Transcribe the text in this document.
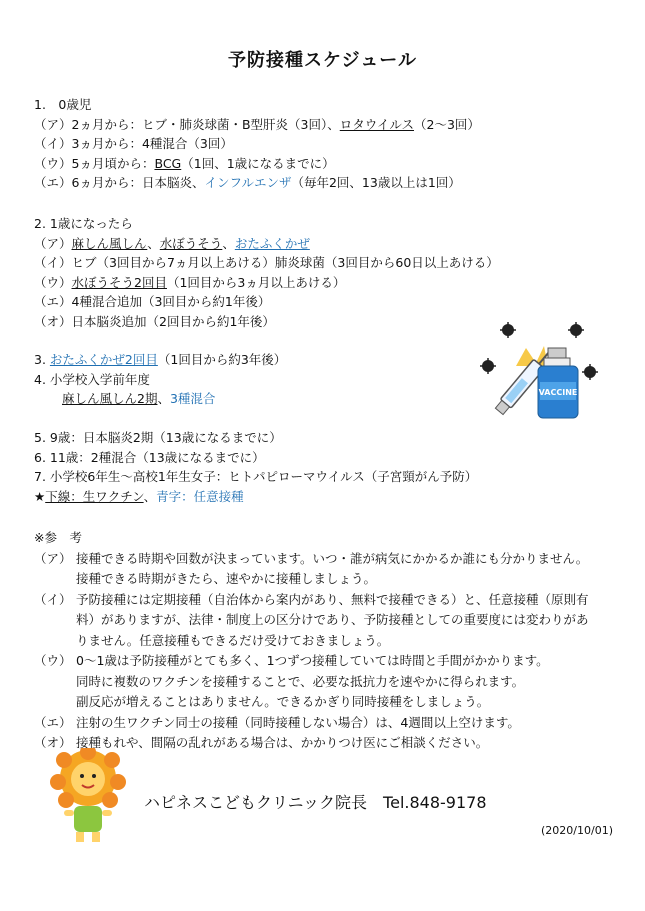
予防接種スケジュール
1.　0歳児
（ア）2ヵ月から：ヒブ・肺炎球菌・B型肝炎（3回）、ロタウイルス（2〜3回）
（イ）3ヵ月から：4種混合（3回）
（ウ）5ヵ月頃から：BCG（1回、1歳になるまでに）
（エ）6ヵ月から：日本脳炎、インフルエンザ（毎年2回、13歳以上は1回）
2. 1歳になったら
（ア）麻しん風しん、水ぼうそう、おたふくかぜ
（イ）ヒブ（3回目から7ヵ月以上あける）肺炎球菌（3回目から60日以上あける）
（ウ）水ぼうそう2回目（1回目から3ヵ月以上あける）
（エ）4種混合追加（3回目から約1年後）
（オ）日本脳炎追加（2回目から約1年後）
3. おたふくかぜ2回目（1回目から約3年後）
4. 小学校入学前年度
麻しん風しん2期、3種混合
5. 9歳：日本脳炎2期（13歳になるまでに）
6. 11歳：2種混合（13歳になるまでに）
7. 小学校6年生〜高校1年生女子：ヒトパピローマウイルス（子宮頸がん予防）
★下線：生ワクチン、青字：任意接種
※参　考
（ア） 接種できる時期や回数が決まっています。いつ・誰が病気にかかるか誰にも分かりません。
接種できる時期がきたら、速やかに接種しましょう。
（イ） 予防接種には定期接種（自治体から案内があり、無料で接種できる）と、任意接種（原則有
料）がありますが、法律・制度上の区分けであり、予防接種としての重要度には変わりがあ
りません。任意接種もできるだけ受けておきましょう。
（ウ） 0〜1歳は予防接種がとても多く、1つずつ接種していては時間と手間がかかります。
同時に複数のワクチンを接種することで、必要な抵抗力を速やかに得られます。
副反応が増えることはありません。できるかぎり同時接種をしましょう。
（エ） 注射の生ワクチン同士の接種（同時接種しない場合）は、4週間以上空けます。
（オ） 接種もれや、間隔の乱れがある場合は、かかりつけ医にご相談ください。
VACCINE
ハピネスこどもクリニック院長　Tel.848-9178
(2020/10/01)
